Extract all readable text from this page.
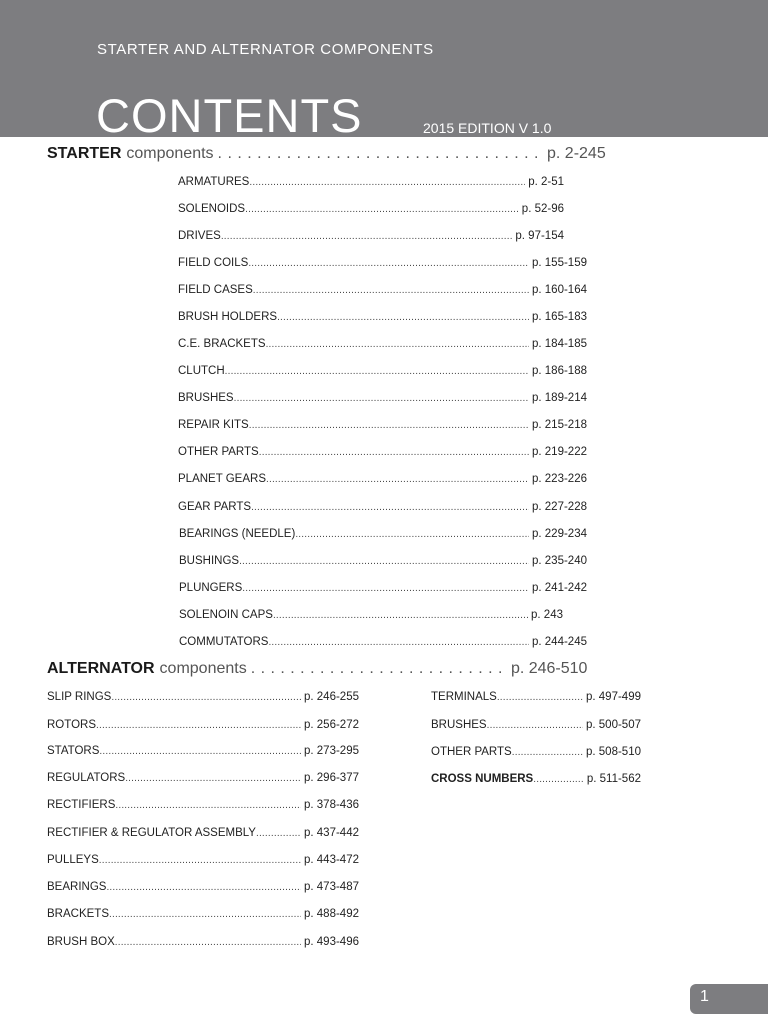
STARTER AND ALTERNATOR COMPONENTS
CONTENTS	2015 EDITION V 1.0
STARTER components . . . . . . . . . . . . . . . . . . . . . . . . . . . . . . . . . p. 2-245
ARMATURES .....	p. 2-51
SOLENOIDS .....	p. 52-96
DRIVES .....	p. 97-154
FIELD COILS .....	p. 155-159
FIELD CASES .....	p. 160-164
BRUSH HOLDERS .....	p. 165-183
C.E. BRACKETS .....	p. 184-185
CLUTCH .....	p. 186-188
BRUSHES .....	p. 189-214
REPAIR KITS .....	p. 215-218
OTHER PARTS .....	p. 219-222
PLANET GEARS .....	p. 223-226
GEAR PARTS .....	p. 227-228
BEARINGS (NEEDLE) .....	p. 229-234
BUSHINGS .....	p. 235-240
PLUNGERS .....	p. 241-242
SOLENOIN CAPS .....	p. 243
COMMUTATORS .....	p. 244-245
ALTERNATOR components . . . . . . . . . . . . . . . . . . . . . . . . . . p. 246-510
SLIP RINGS .....	p. 246-255
ROTORS .....	p. 256-272
STATORS .....	p. 273-295
REGULATORS .....	p. 296-377
RECTIFIERS .....	p. 378-436
RECTIFIER & REGULATOR ASSEMBLY .....	p. 437-442
PULLEYS .....	p. 443-472
BEARINGS .....	p. 473-487
BRACKETS .....	p. 488-492
BRUSH BOX .....	p. 493-496
TERMINALS .....	p. 497-499
BRUSHES .....	p. 500-507
OTHER PARTS .....	p. 508-510
CROSS NUMBERS .....	p. 511-562
1
